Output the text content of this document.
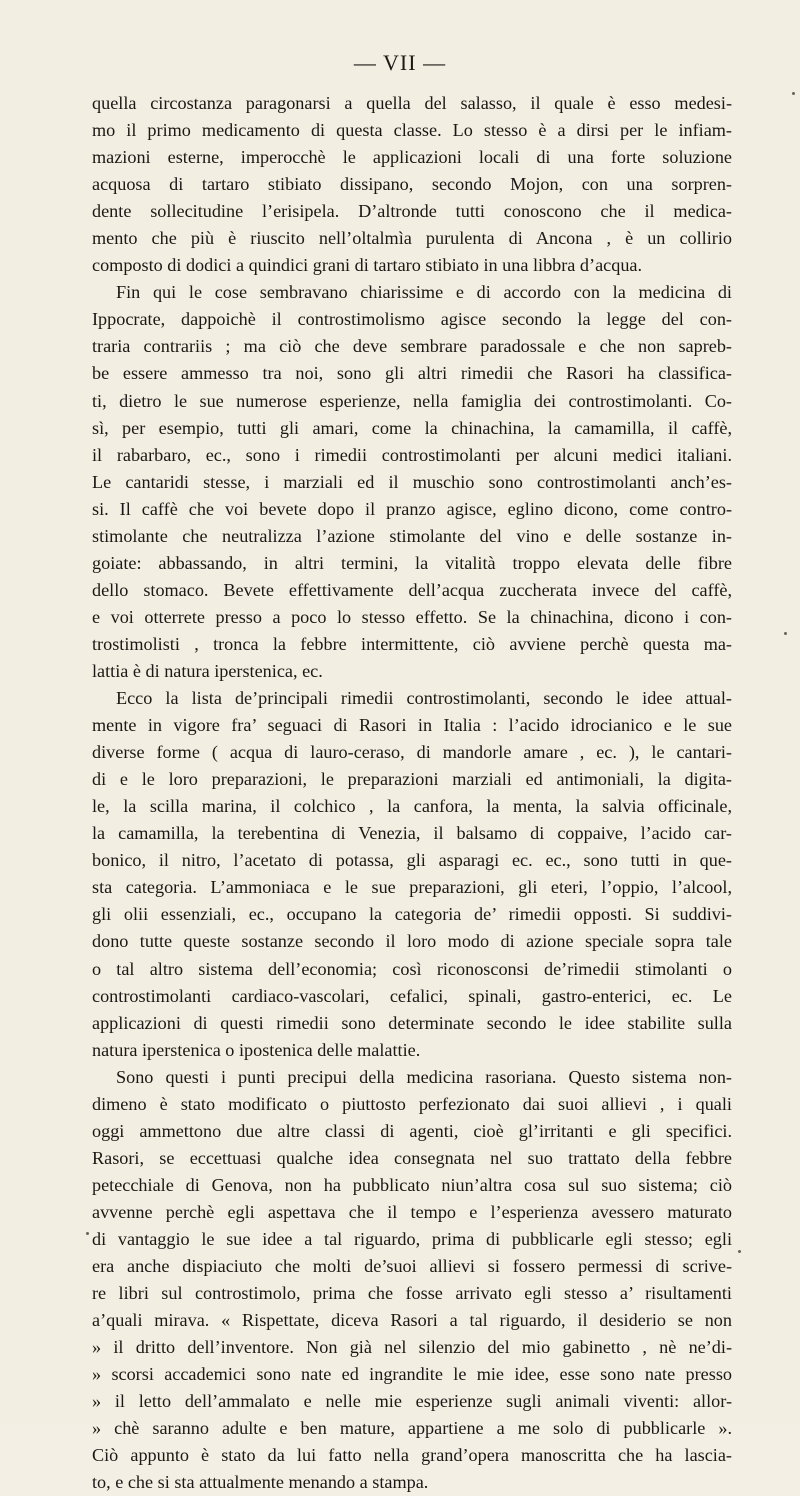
— VII —
quella circostanza paragonarsi a quella del salasso, il quale è esso medesi-
mo il primo medicamento di questa classe. Lo stesso è a dirsi per le infiam-
mazioni esterne, imperocchè le applicazioni locali di una forte soluzione
acquosa di tartaro stibiato dissipano, secondo Mojon, con una sorpren-
dente sollecitudine l’erisipela. D’altronde tutti conoscono che il medica-
mento che più è riuscito nell’oltalmìa purulenta di Ancona , è un collirio
composto di dodici a quindici grani di tartaro stibiato in una libbra d’acqua.
Fin qui le cose sembravano chiarissime e di accordo con la medicina di
Ippocrate, dappoichè il controstimolismo agisce secondo la legge del con-
traria contrariis ; ma ciò che deve sembrare paradossale e che non sapreb-
be essere ammesso tra noi, sono gli altri rimedii che Rasori ha classifica-
ti, dietro le sue numerose esperienze, nella famiglia dei controstimolanti. Co-
sì, per esempio, tutti gli amari, come la chinachina, la camamilla, il caffè,
il rabarbaro, ec., sono i rimedii controstimolanti per alcuni medici italiani.
Le cantaridi stesse, i marziali ed il muschio sono controstimolanti anch’es-
si. Il caffè che voi bevete dopo il pranzo agisce, eglino dicono, come contro-
stimolante che neutralizza l’azione stimolante del vino e delle sostanze in-
goiate: abbassando, in altri termini, la vitalità troppo elevata delle fibre
dello stomaco. Bevete effettivamente dell’acqua zuccherata invece del caffè,
e voi otterrete presso a poco lo stesso effetto. Se la chinachina, dicono i con-
trostimolisti , tronca la febbre intermittente, ciò avviene perchè questa ma-
lattia è di natura iperstenica, ec.
Ecco la lista de’principali rimedii controstimolanti, secondo le idee attual-
mente in vigore fra’ seguaci di Rasori in Italia : l’acido idrocianico e le sue
diverse forme ( acqua di lauro-ceraso, di mandorle amare , ec. ), le cantari-
di e le loro preparazioni, le preparazioni marziali ed antimoniali, la digita-
le, la scilla marina, il colchico , la canfora, la menta, la salvia officinale,
la camamilla, la terebentina di Venezia, il balsamo di coppaive, l’acido car-
bonico, il nitro, l’acetato di potassa, gli asparagi ec. ec., sono tutti in que-
sta categoria. L’ammoniaca e le sue preparazioni, gli eteri, l’oppio, l’alcool,
gli olii essenziali, ec., occupano la categoria de’ rimedii opposti. Si suddivi-
dono tutte queste sostanze secondo il loro modo di azione speciale sopra tale
o tal altro sistema dell’economia; così riconosconsi de’rimedii stimolanti o
controstimolanti cardiaco-vascolari, cefalici, spinali, gastro-enterici, ec. Le
applicazioni di questi rimedii sono determinate secondo le idee stabilite sulla
natura iperstenica o ipostenica delle malattie.
Sono questi i punti precipui della medicina rasoriana. Questo sistema non-
dimeno è stato modificato o piuttosto perfezionato dai suoi allievi , i quali
oggi ammettono due altre classi di agenti, cioè gl’irritanti e gli specifici.
Rasori, se eccettuasi qualche idea consegnata nel suo trattato della febbre
petecchiale di Genova, non ha pubblicato niun’altra cosa sul suo sistema; ciò
avvenne perchè egli aspettava che il tempo e l’esperienza avessero maturato
di vantaggio le sue idee a tal riguardo, prima di pubblicarle egli stesso; egli
era anche dispiaciuto che molti de’suoi allievi si fossero permessi di scrive-
re libri sul controstimolo, prima che fosse arrivato egli stesso a’ risultamenti
a’quali mirava. « Rispettate, diceva Rasori a tal riguardo, il desiderio se non
» il dritto dell’inventore. Non già nel silenzio del mio gabinetto , nè ne’di-
» scorsi accademici sono nate ed ingrandite le mie idee, esse sono nate presso
» il letto dell’ammalato e nelle mie esperienze sugli animali viventi: allor-
» chè saranno adulte e ben mature, appartiene a me solo di pubblicarle ».
Ciò appunto è stato da lui fatto nella grand’opera manoscritta che ha lascia-
to, e che si sta attualmente menando a stampa.
